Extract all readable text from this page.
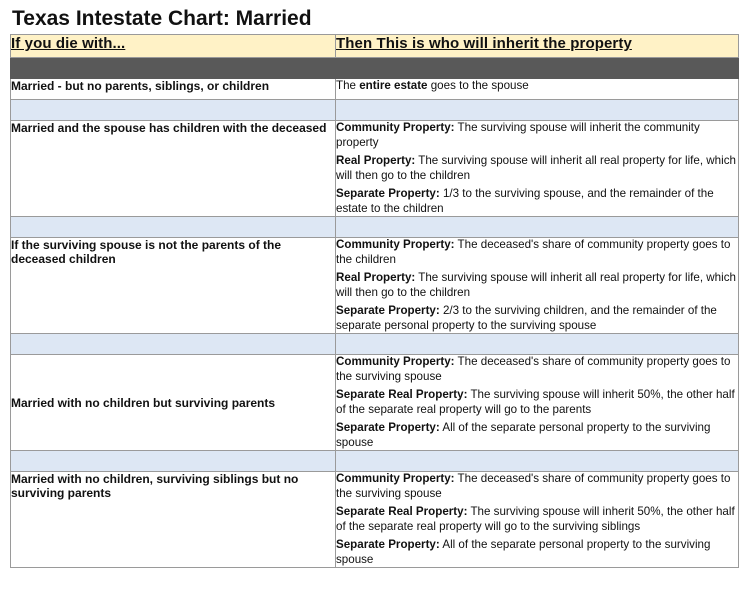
Texas Intestate Chart: Married
If you die with...	Then This is who will inherit the property

Married - but no parents, siblings, or children	The entire estate goes to the spouse

Married and the spouse has children with the deceased	Community Property: The surviving spouse will inherit the community property
Real Property: The surviving spouse will inherit all real property for life, which will then go to the children
Separate Property: 1/3 to the surviving spouse, and the remainder of the estate to the children

If the surviving spouse is not the parents of the deceased children	Community Property: The deceased's share of community property goes to the children
Real Property: The surviving spouse will inherit all real property for life, which will then go to the children
Separate Property: 2/3 to the surviving children, and the remainder of the separate personal property to the surviving spouse

Married with no children but surviving parents	Community Property: The deceased's share of community property goes to the surviving spouse
Separate Real Property: The surviving spouse will inherit 50%, the other half of the separate real property will go to the parents
Separate Property: All of the separate personal property to the surviving spouse

Married with no children, surviving siblings but no surviving parents	Community Property: The deceased's share of community property goes to the surviving spouse
Separate Real Property: The surviving spouse will inherit 50%, the other half of the separate real property will go to the surviving siblings
Separate Property: All of the separate personal property to the surviving spouse
